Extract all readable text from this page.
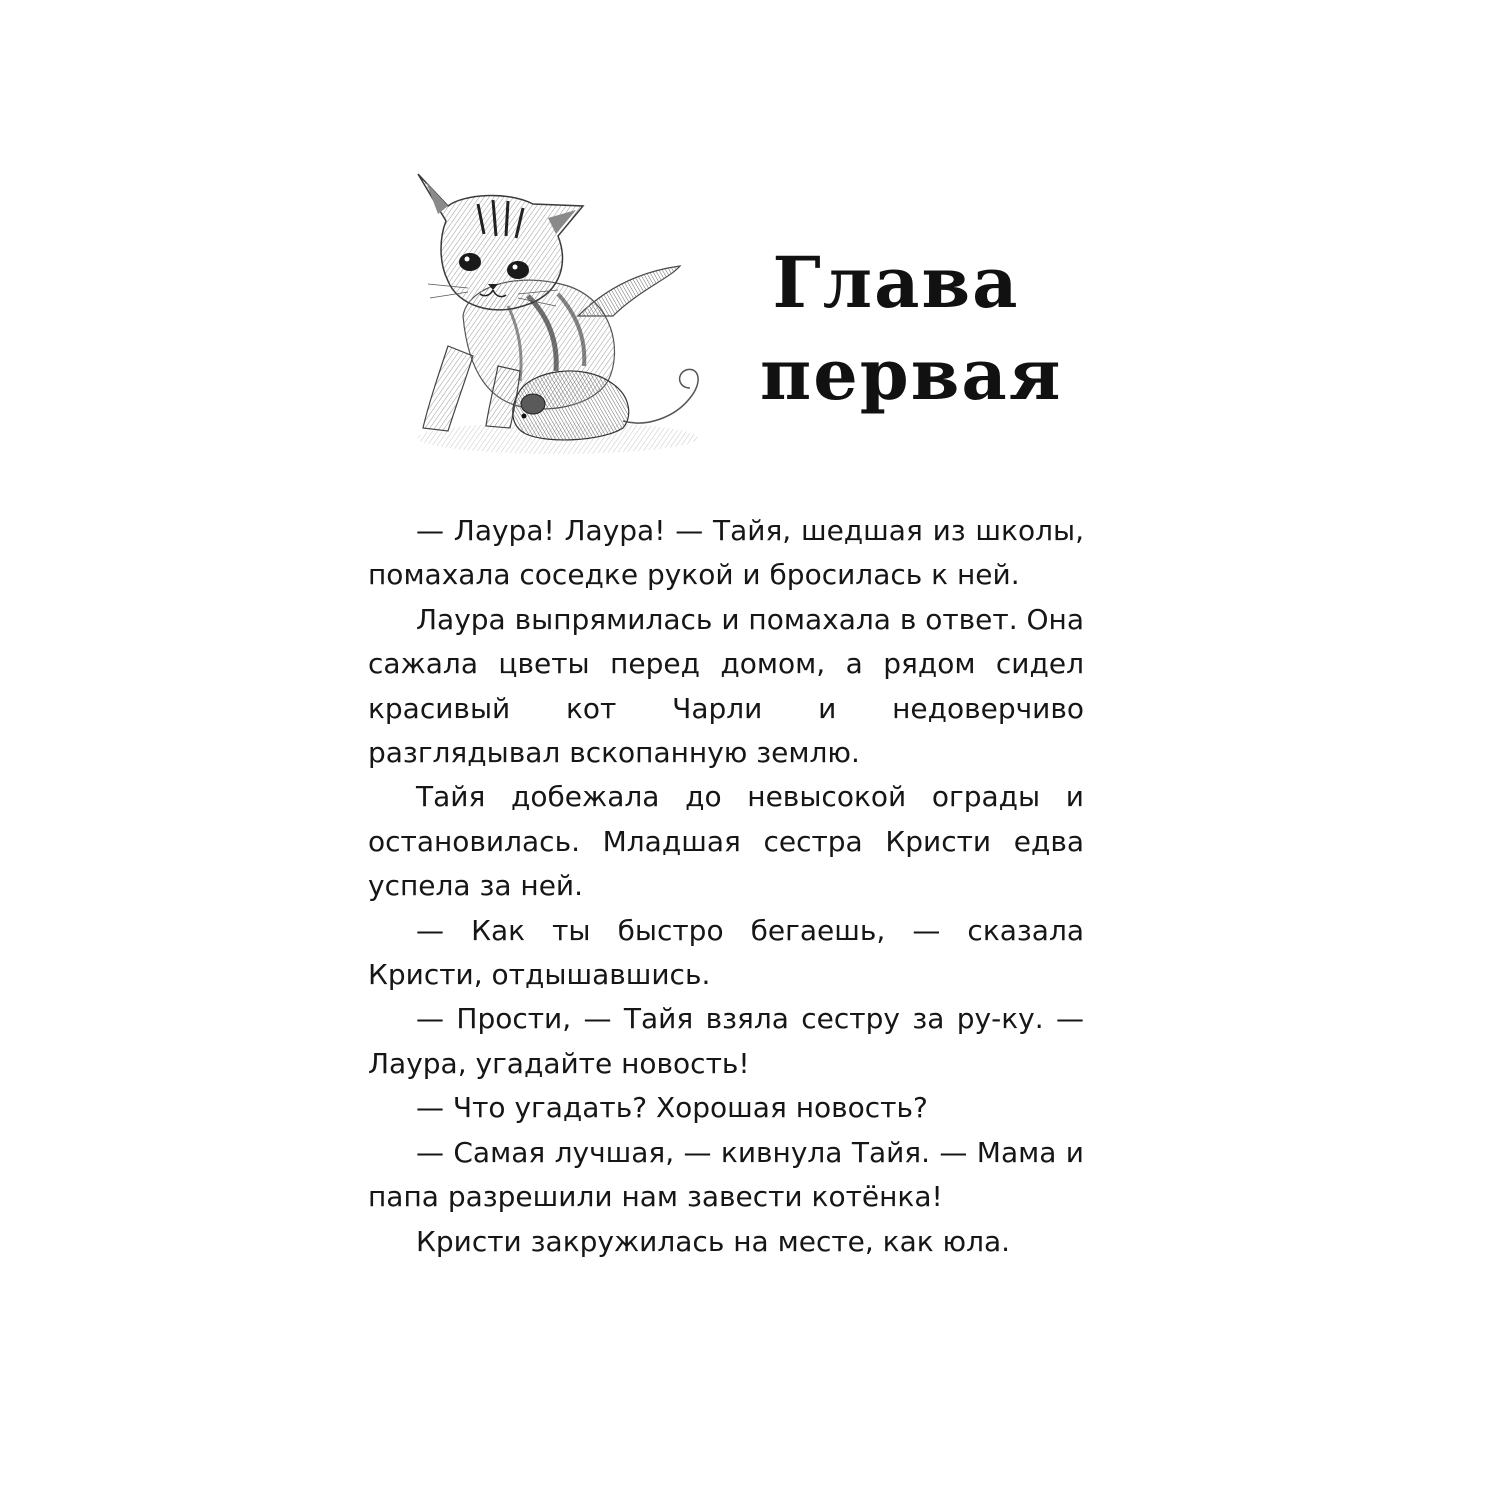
Глава
первая

— Лаура! Лаура! — Тайя, шедшая из школы, помахала соседке рукой и бросилась к ней.

Лаура выпрямилась и помахала в ответ. Она сажала цветы перед домом, а рядом сидел красивый кот Чарли и недоверчиво разглядывал вскопанную землю.

Тайя добежала до невысокой ограды и остановилась. Младшая сестра Кристи едва успела за ней.

— Как ты быстро бегаешь, — сказала Кристи, отдышавшись.

— Прости, — Тайя взяла сестру за ру-ку. — Лаура, угадайте новость!

— Что угадать? Хорошая новость?

— Самая лучшая, — кивнула Тайя. — Мама и папа разрешили нам завести котёнка!

Кристи закружилась на месте, как юла.
